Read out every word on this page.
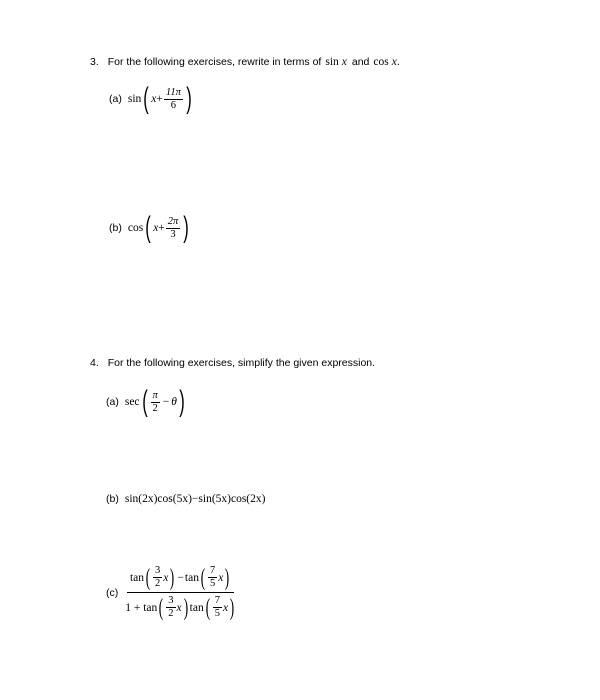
3. For the following exercises, rewrite in terms of sin x and cos x .
(a) sin ( $x + \frac{11\pi}{6}$ )
(b) cos ( $x + \frac{2\pi}{3}$ )
4. For the following exercises, simplify the given expression.
(a) sec ( $\frac{\pi}{2} - \theta$ )
(b) sin(2x)cos(5x)−sin(5x)cos(2x)
(c)
tan ( $\frac{3}{2}$ x ) − tan ( $\frac{7}{5}$ x )
1 + tan ( $\frac{3}{2}$ x ) tan ( $\frac{7}{5}$ x )
